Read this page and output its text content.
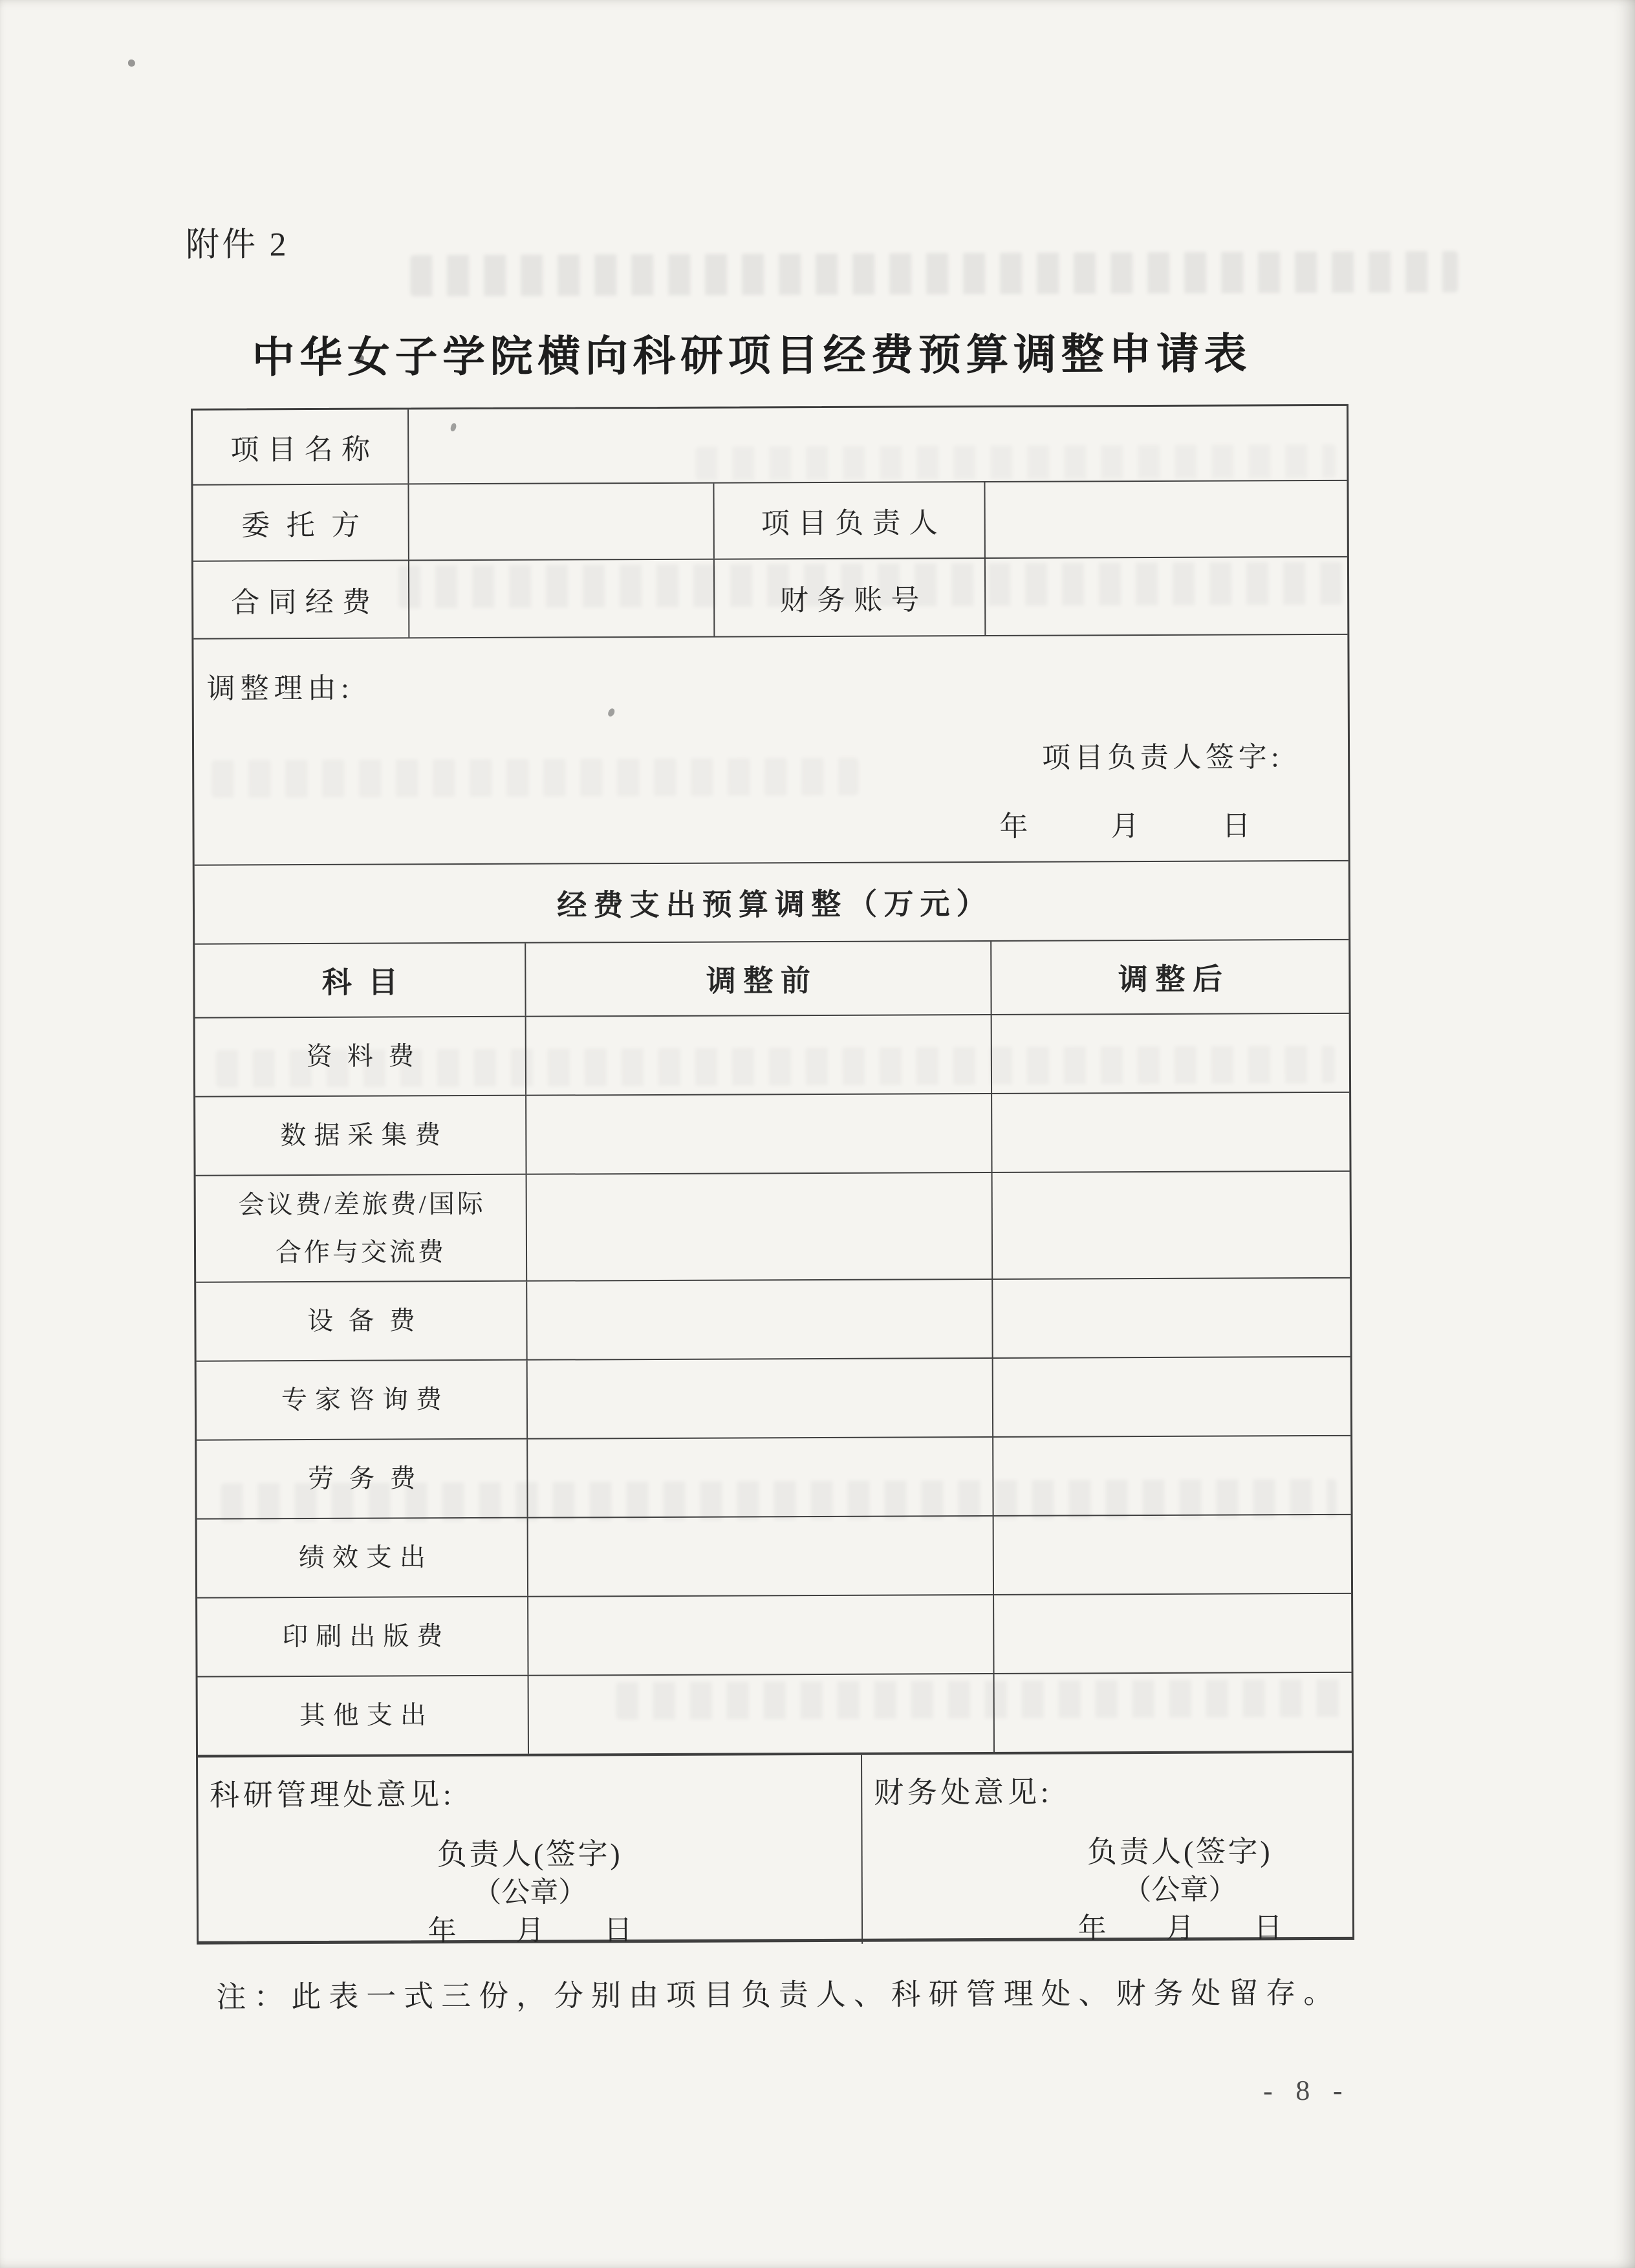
附件 2
中华女子学院横向科研项目经费预算调整申请表
项目名称
委托方	项目负责人
合同经费	财务账号
调整理由:
项目负责人签字:
年	月	日
经费支出预算调整（万元）
科目	调整前	调整后
资料费
数据采集费
会议费/差旅费/国际
合作与交流费
设备费
专家咨询费
劳务费
绩效支出
印刷出版费
其他支出
科研管理处意见:
负责人(签字)
（公章）
年 月 日
财务处意见:
负责人(签字)
（公章）
年 月 日
注：此表一式三份，分别由项目负责人、科研管理处、财务处留存。
- 8 -
